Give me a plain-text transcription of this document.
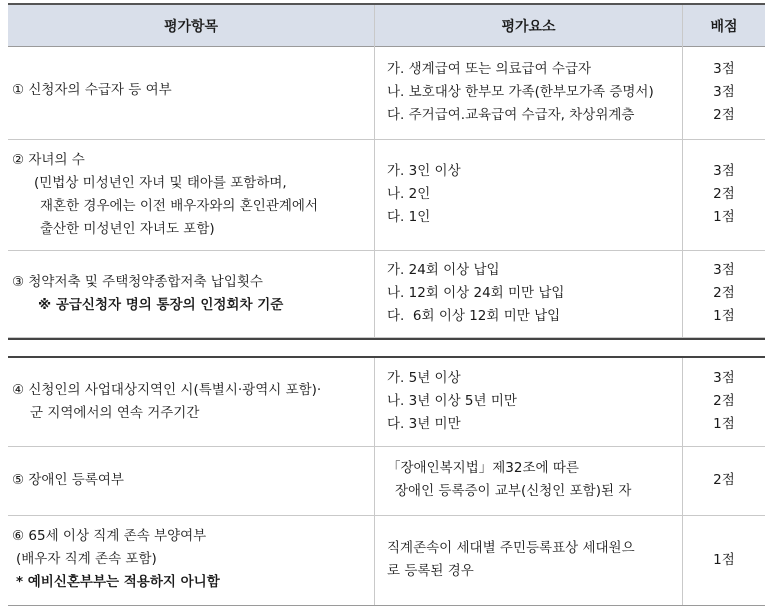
평가항목	평가요소	배점
① 신청자의 수급자 등 여부
가. 생계급여 또는 의료급여 수급자
나. 보호대상 한부모 가족(한부모가족 증명서)
다. 주거급여.교육급여 수급자, 차상위계층
3점
3점
2점
② 자녀의 수
(민법상 미성년인 자녀 및 태아를 포함하며,
재혼한 경우에는 이전 배우자와의 혼인관계에서
출산한 미성년인 자녀도 포함)
가. 3인 이상
나. 2인
다. 1인
3점
2점
1점
③ 청약저축 및 주택청약종합저축 납입횟수
※ 공급신청자 명의 통장의 인정회차 기준
가. 24회 이상 납입
나. 12회 이상 24회 미만 납입
다.  6회 이상 12회 미만 납입
3점
2점
1점
④ 신청인의 사업대상지역인 시(특별시·광역시 포함)·
군 지역에서의 연속 거주기간
가. 5년 이상
나. 3년 이상 5년 미만
다. 3년 미만
3점
2점
1점
⑤ 장애인 등록여부
「장애인복지법」제32조에 따른
장애인 등록증이 교부(신청인 포함)된 자
2점
⑥ 65세 이상 직계 존속 부양여부
(배우자 직계 존속 포함)
* 예비신혼부부는 적용하지 아니함
직계존속이 세대별 주민등록표상 세대원으
로 등록된 경우
1점
